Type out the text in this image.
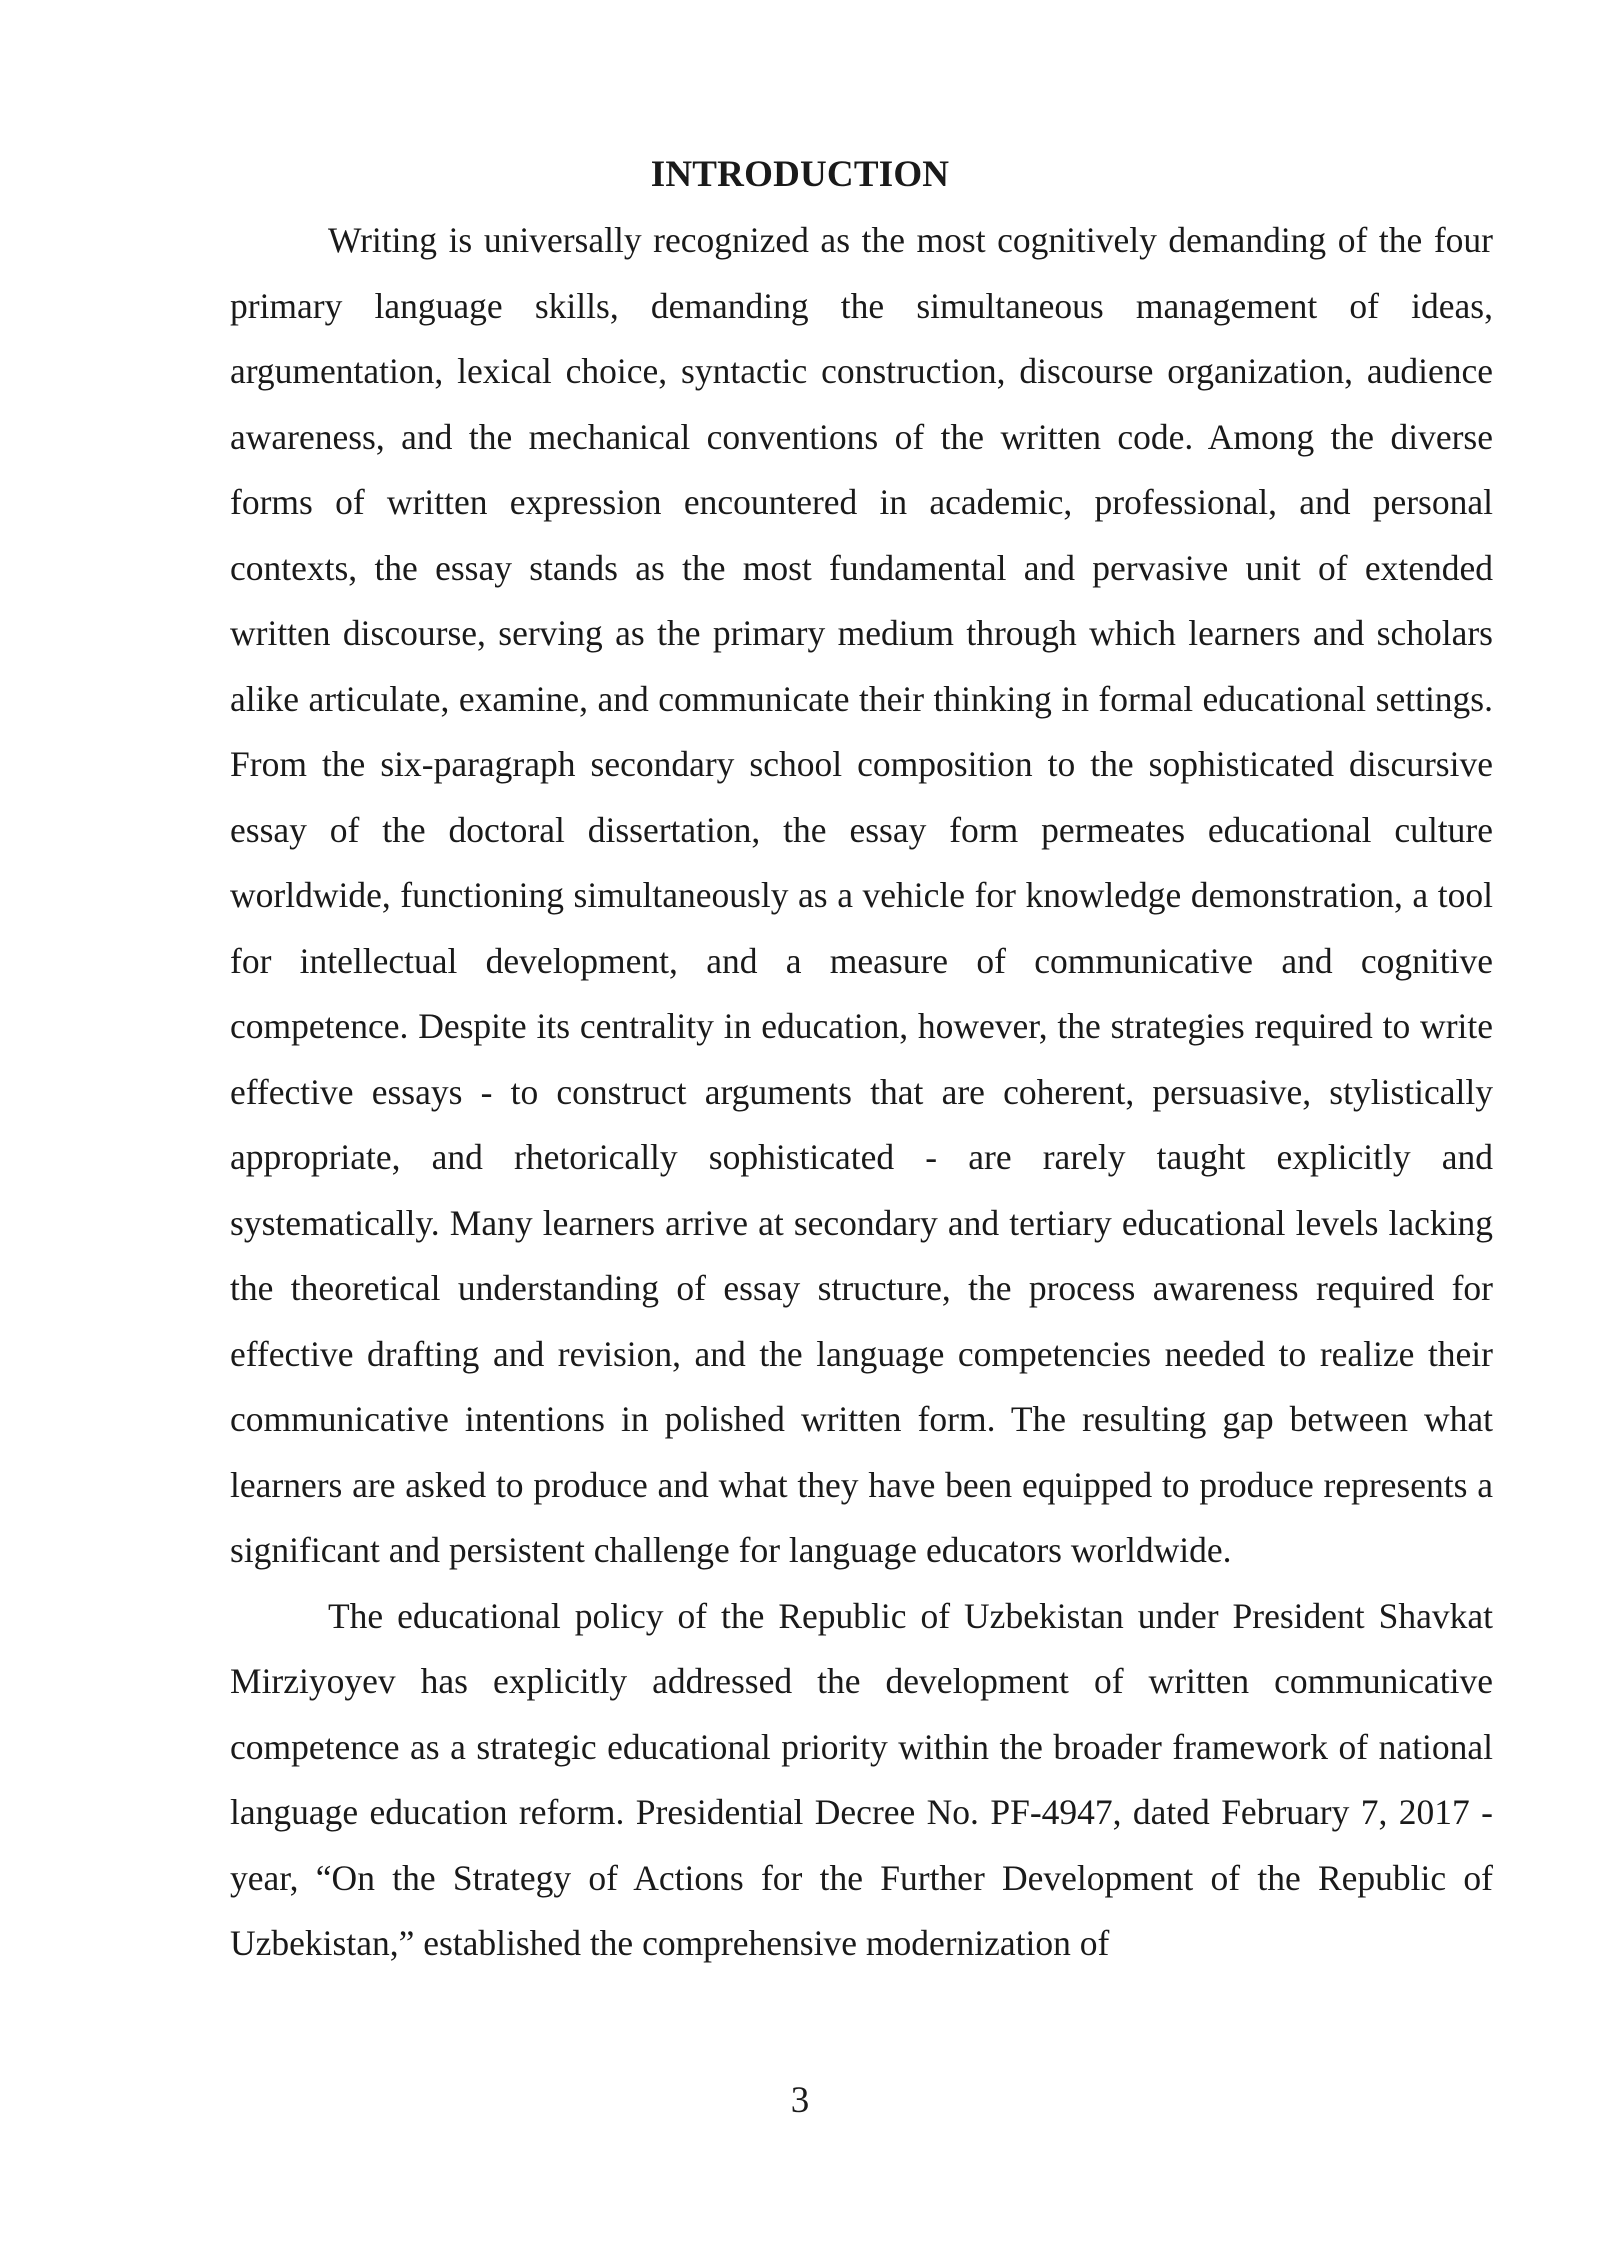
INTRODUCTION

Writing is universally recognized as the most cognitively demanding of the four primary language skills, demanding the simultaneous management of ideas, argumentation, lexical choice, syntactic construction, discourse organization, audience awareness, and the mechanical conventions of the written code. Among the diverse forms of written expression encountered in academic, professional, and personal contexts, the essay stands as the most fundamental and pervasive unit of extended written discourse, serving as the primary medium through which learners and scholars alike articulate, examine, and communicate their thinking in formal educational settings. From the six-paragraph secondary school composition to the sophisticated discursive essay of the doctoral dissertation, the essay form permeates educational culture worldwide, functioning simultaneously as a vehicle for knowledge demonstration, a tool for intellectual development, and a measure of communicative and cognitive competence. Despite its centrality in education, however, the strategies required to write effective essays - to construct arguments that are coherent, persuasive, stylistically appropriate, and rhetorically sophisticated - are rarely taught explicitly and systematically. Many learners arrive at secondary and tertiary educational levels lacking the theoretical understanding of essay structure, the process awareness required for effective drafting and revision, and the language competencies needed to realize their communicative intentions in polished written form. The resulting gap between what learners are asked to produce and what they have been equipped to produce represents a significant and persistent challenge for language educators worldwide.

The educational policy of the Republic of Uzbekistan under President Shavkat Mirziyoyev has explicitly addressed the development of written communicative competence as a strategic educational priority within the broader framework of national language education reform. Presidential Decree No. PF-4947, dated February 7, 2017 - year, “On the Strategy of Actions for the Further Development of the Republic of Uzbekistan,” established the comprehensive modernization of

3
